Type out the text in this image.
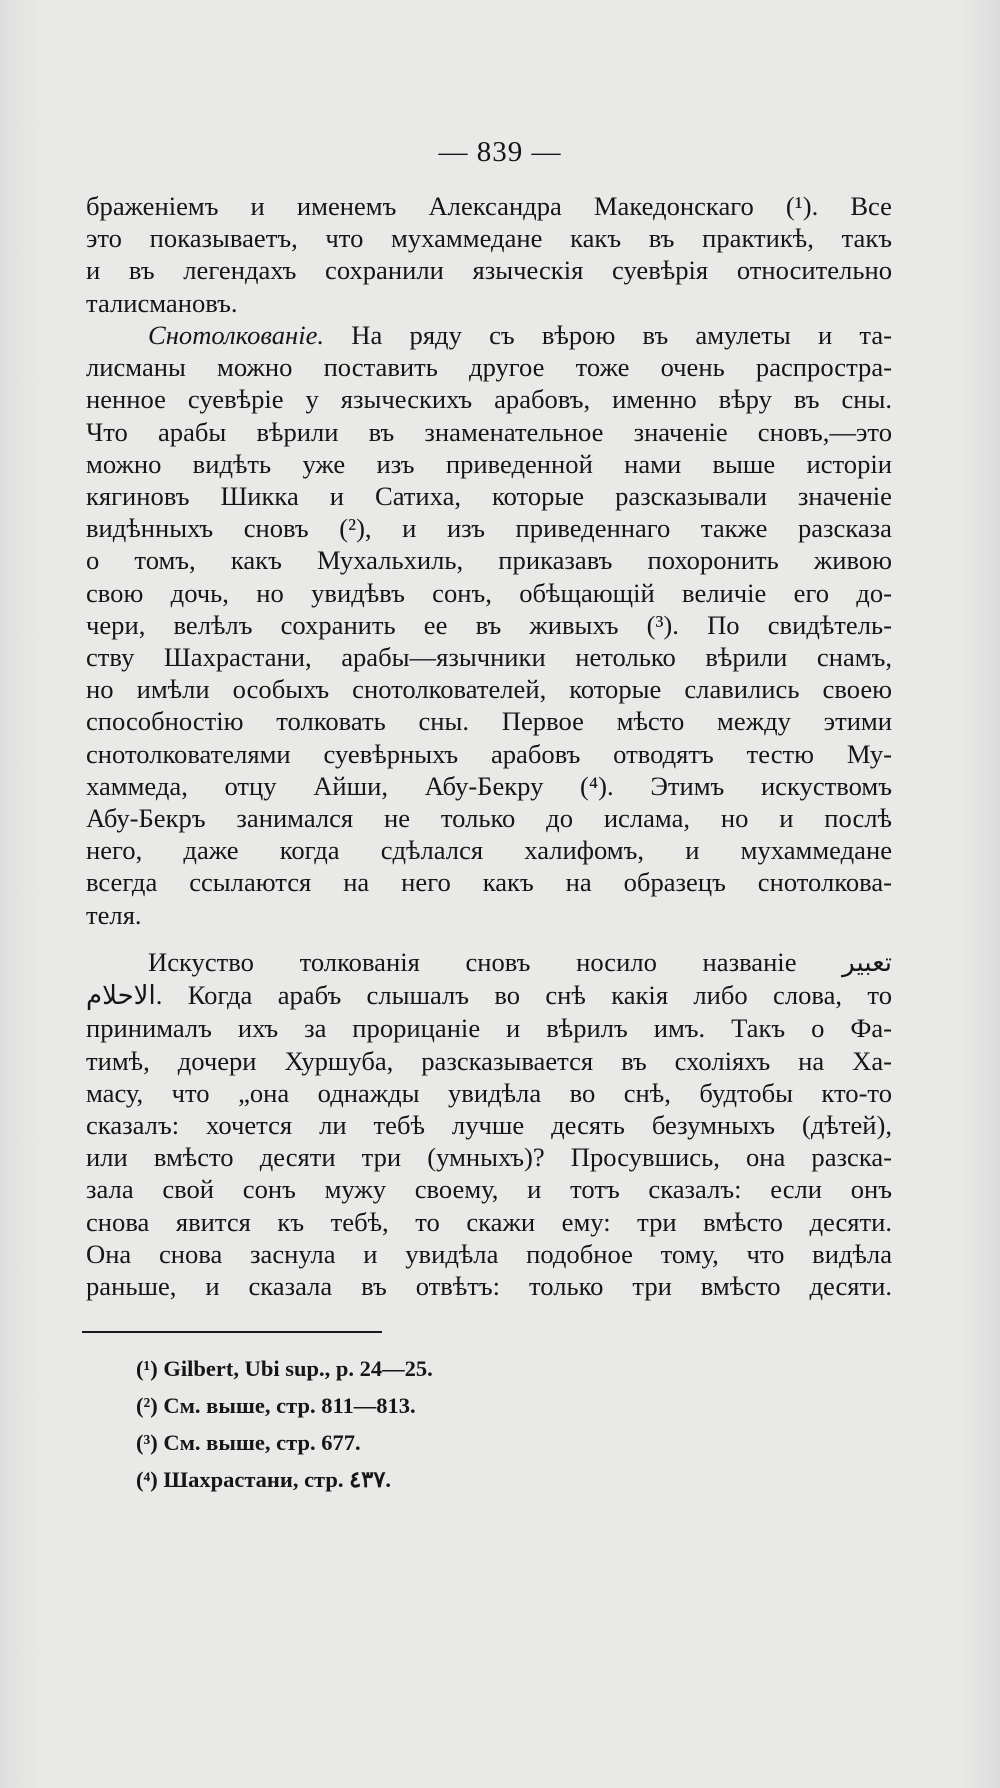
— 839 —
браженіемъ и именемъ Александра Македонскаго (¹). Все
это показываетъ, что мухаммедане какъ въ практикѣ, такъ
и въ легендахъ сохранили языческія суевѣрія относительно
талисмановъ.
Снотолкованіе. На ряду съ вѣрою въ амулеты и та-
лисманы можно поставить другое тоже очень распростра-
ненное суевѣріе у языческихъ арабовъ, именно вѣру въ сны.
Что арабы вѣрили въ знаменательное значеніе сновъ,—это
можно видѣть уже изъ приведенной нами выше исторіи
кягиновъ Шикка и Сатиха, которые разсказывали значеніе
видѣнныхъ сновъ (²), и изъ приведеннаго также разсказа
о томъ, какъ Мухальхиль, приказавъ похоронить живою
свою дочь, но увидѣвъ сонъ, обѣщающій величіе его до-
чери, велѣлъ сохранить ее въ живыхъ (³). По свидѣтель-
ству Шахрастани, арабы—язычники нетолько вѣрили снамъ,
но имѣли особыхъ снотолкователей, которые славились своею
способностію толковать сны. Первое мѣсто между этими
снотолкователями суевѣрныхъ арабовъ отводятъ тестю Му-
хаммеда, отцу Айши, Абу-Бекру (⁴). Этимъ искуствомъ
Абу-Бекръ занимался не только до ислама, но и послѣ
него, даже когда сдѣлался халифомъ, и мухаммедане
всегда ссылаются на него какъ на образецъ снотолкова-
теля.
Искуство толкованія сновъ носило названіе تعبير
الاحلام. Когда арабъ слышалъ во снѣ какія либо слова, то
принималъ ихъ за прорицаніе и вѣрилъ имъ. Такъ о Фа-
тимѣ, дочери Хуршуба, разсказывается въ схоліяхъ на Ха-
масу, что „она однажды увидѣла во снѣ, будтобы кто-то
сказалъ: хочется ли тебѣ лучше десять безумныхъ (дѣтей),
или вмѣсто десяти три (умныхъ)? Просувшись, она разска-
зала свой сонъ мужу своему, и тотъ сказалъ: если онъ
снова явится къ тебѣ, то скажи ему: три вмѣсто десяти.
Она снова заснула и увидѣла подобное тому, что видѣла
раньше, и сказала въ отвѣтъ: только три вмѣсто десяти.
(¹) Gilbert, Ubi sup., p. 24—25.
(²) См. выше, стр. 811—813.
(³) См. выше, стр. 677.
(⁴) Шахрастани, стр. ٤٣٧.
